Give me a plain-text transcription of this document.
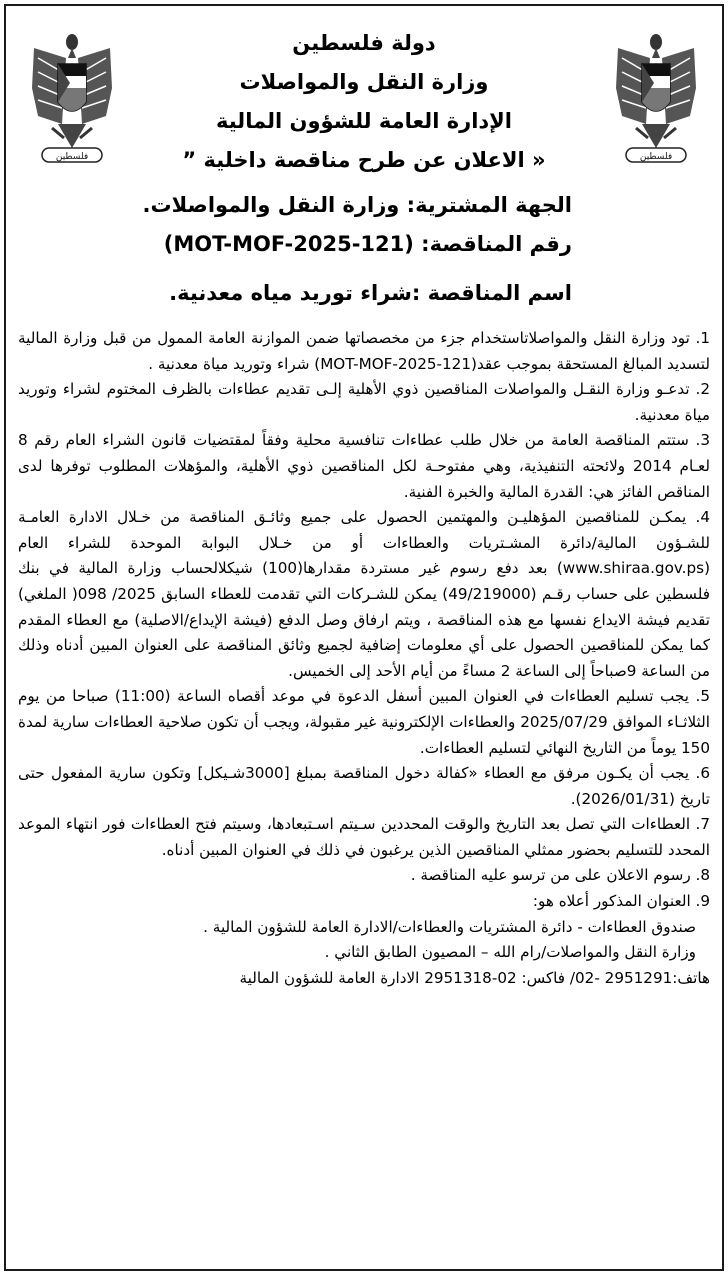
فلسطين	فلسطين
دولة فلسطين
وزارة النقل والمواصلات
الإدارة العامة للشؤون المالية
« الاعلان عن طرح مناقصة داخلية ”
الجهة المشترية: وزارة النقل والمواصلات.
رقم المناقصة: (MOT-MOF-2025-121)
اسم المناقصة :شراء توريد مياه معدنية.

1. تود وزارة النقل والمواصلاتاستخدام جزء من مخصصاتها ضمن الموازنة العامة الممول من قبل وزارة المالية لتسديد المبالغ المستحقة بموجب عقد(MOT-MOF-2025-121) شراء وتوريد مياة معدنية .

2. تدعـو وزارة النقـل والمواصلات المناقصين ذوي الأهلية إلـى تقديم عطاءات بالظرف المختوم لشراء وتوريد مياة معدنية.

3. ستتم المناقصة العامة من خلال طلب عطاءات تنافسية محلية وفقاً لمقتضيات قانون الشراء العام رقم 8 لعـام 2014 ولائحته التنفيذية، وهي مفتوحـة لكل المناقصين ذوي الأهلية، والمؤهلات المطلوب توفرها لدى المناقص الفائز هي: القدرة المالية والخبرة الفنية.

4. يمكـن للمناقصين المؤهليـن والمهتمين الحصول على جميع وثائـق المناقصة من خـلال الادارة العامـة للشـؤون المالية/دائرة المشـتريات والعطاءات أو من خـلال البوابة الموحدة للشراء العام (www.shiraa.gov.ps) بعد دفع رسوم غير مستردة مقدارها(100) شيكلالحساب وزارة المالية في بنك فلسطين على حساب رقـم (49/219000) يمكن للشـركات التي تقدمت للعطاء السابق 2025/ 098( الملغي) تقديم فيشة الايداع نفسها مع هذه المناقصة ، ويتم ارفاق وصل الدفع (فيشة الإيداع/الاصلية) مع العطاء المقدم كما يمكن للمناقصين الحصول على أي معلومات إضافية لجميع وثائق المناقصة على العنوان المبين أدناه وذلك من الساعة 9صباحاً إلى الساعة 2 مساءً من أيام الأحد إلى الخميس.

5. يجب تسليم العطاءات في العنوان المبين أسفل الدعوة في موعد أقصاه الساعة (11:00) صباحا من يوم الثلاثـاء الموافق 2025/07/29 والعطاءات الإلكترونية غير مقبولة، ويجب أن تكون صلاحية العطاءات سارية لمدة 150 يوماً من التاريخ النهائي لتسليم العطاءات.

6. يجب أن يكـون مرفق مع العطاء «كفالة دخول المناقصة بمبلغ [3000شـيكل] وتكون سارية المفعول حتى تاريخ (2026/01/31).

7. العطاءات التي تصل بعد التاريخ والوقت المحددين سـيتم اسـتبعادها، وسيتم فتح العطاءات فور انتهاء الموعد المحدد للتسليم بحضور ممثلي المناقصين الذين يرغبون في ذلك في العنوان المبين أدناه.

8. رسوم الاعلان على من ترسو عليه المناقصة .

9. العنوان المذكور أعلاه هو:

صندوق العطاءات - دائرة المشتريات والعطاءات/الادارة العامة للشؤون المالية .

وزارة النقل والمواصلات/رام الله – المصيون الطابق الثاني .

هاتف:2951291 -02/ فاكس: 02-2951318 الادارة العامة للشؤون المالية
